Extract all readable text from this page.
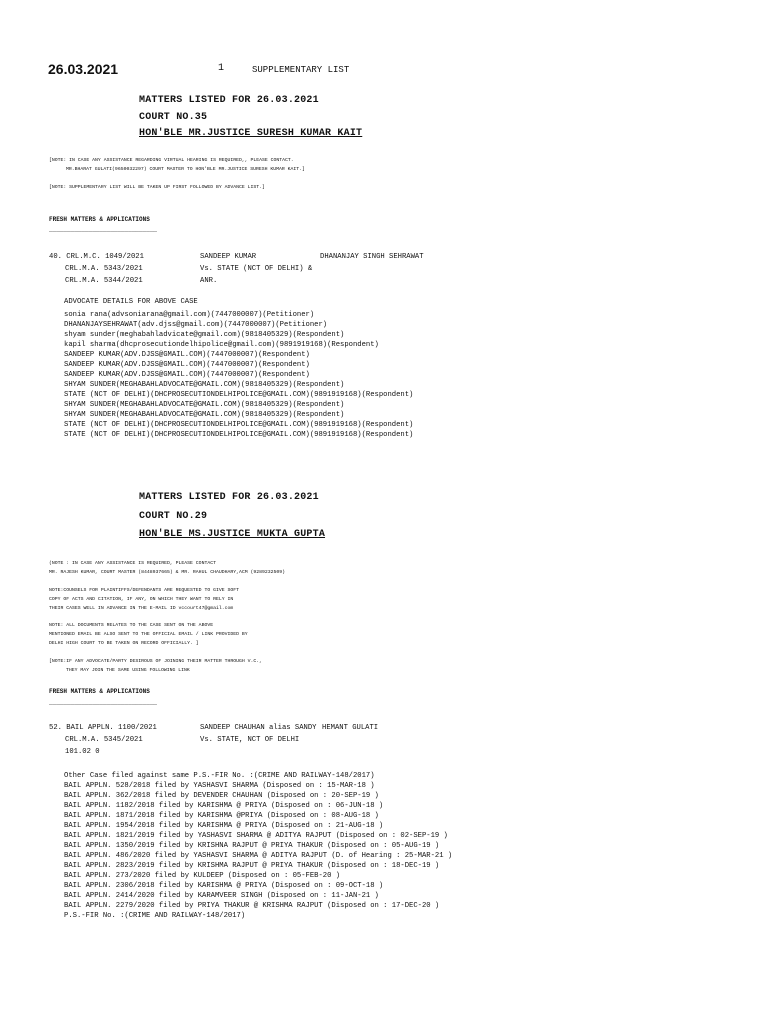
26.03.2021	1	SUPPLEMENTARY LIST
MATTERS LISTED FOR 26.03.2021
COURT NO.35
HON'BLE MR.JUSTICE SURESH KUMAR KAIT
[NOTE: IN CASE ANY ASSISTANCE REGARDING VIRTUAL HEARING IS REQUIRED,, PLEASE CONTACT.
MR.BHARAT GULATI(9650032297) COURT MASTER TO HON'BLE MR.JUSTICE SURESH KUMAR KAIT.]
[NOTE: SUPPLEMENTARY LIST WILL BE TAKEN UP FIRST FOLLOWED BY ADVANCE LIST.]
FRESH MATTERS & APPLICATIONS
______________________________
40. CRL.M.C. 1049/2021
CRL.M.A. 5343/2021
CRL.M.A. 5344/2021
SANDEEP KUMAR
Vs. STATE (NCT OF DELHI) &
ANR.
DHANANJAY SINGH SEHRAWAT
ADVOCATE DETAILS FOR ABOVE CASE
sonia rana(advsoniarana@gmail.com)(7447000007)(Petitioner)
DHANANJAYSEHRAWAT(adv.djss@gmail.com)(7447000007)(Petitioner)
shyam sunder(meghabahladvicate@gmail.com)(9818405329)(Respondent)
kapil sharma(dhcprosecutiondelhipolice@gmail.com)(9891919168)(Respondent)
SANDEEP KUMAR(ADV.DJSS@GMAIL.COM)(7447000007)(Respondent)
SANDEEP KUMAR(ADV.DJSS@GMAIL.COM)(7447000007)(Respondent)
SANDEEP KUMAR(ADV.DJSS@GMAIL.COM)(7447000007)(Respondent)
SHYAM SUNDER(MEGHABAHLADVOCATE@GMAIL.COM)(9818405329)(Respondent)
STATE (NCT OF DELHI)(DHCPROSECUTIONDELHIPOLICE@GMAIL.COM)(9891919168)(Respondent)
SHYAM SUNDER(MEGHABAHLADVOCATE@GMAIL.COM)(9818405329)(Respondent)
SHYAM SUNDER(MEGHABAHLADVOCATE@GMAIL.COM)(9818405329)(Respondent)
STATE (NCT OF DELHI)(DHCPROSECUTIONDELHIPOLICE@GMAIL.COM)(9891919168)(Respondent)
STATE (NCT OF DELHI)(DHCPROSECUTIONDELHIPOLICE@GMAIL.COM)(9891919168)(Respondent)
MATTERS LISTED FOR 26.03.2021
COURT NO.29
HON'BLE MS.JUSTICE MUKTA GUPTA
(NOTE : IN CASE ANY ASSISTANCE IS REQUIRED, PLEASE CONTACT
MR. RAJESH KUMAR, COURT MASTER (8448937665) & MR. RAHUL CHAUDHARY,ACM (9289232509)
NOTE:COUNSELS FOR PLAINTIFFS/DEFENDANTS ARE REQUESTED TO GIVE SOFT
COPY OF ACTS AND CITATION, IF ANY, ON WHICH THEY WANT TO RELY IN
THEIR CASES WELL IN ADVANCE IN THE E-MAIL ID vccourt47@gmail.com
NOTE: ALL DOCUMENTS RELATES TO THE CASE SENT ON THE ABOVE
MENTIONED EMAIL BE ALSO SENT TO THE OFFICIAL EMAIL / LINK PROVIDED BY
DELHI HIGH COURT TO BE TAKEN ON RECORD OFFICIALLY. ]
[NOTE:IF ANY ADVOCATE/PARTY DESIROUS OF JOINING THEIR MATTER THROUGH V.C.,
THEY MAY JOIN THE SAME USING FOLLOWING LINK
FRESH MATTERS & APPLICATIONS
______________________________
52. BAIL APPLN. 1100/2021
CRL.M.A. 5345/2021
101.02 0
SANDEEP CHAUHAN alias SANDY
Vs. STATE, NCT OF DELHI
HEMANT GULATI
Other Case filed against same P.S.-FIR No. :(CRIME AND RAILWAY-148/2017)
BAIL APPLN. 528/2018 filed by YASHASVI SHARMA (Disposed on : 15-MAR-18 )
BAIL APPLN. 362/2018 filed by DEVENDER CHAUHAN (Disposed on : 20-SEP-19 )
BAIL APPLN. 1182/2018 filed by KARISHMA @ PRIYA (Disposed on : 06-JUN-18 )
BAIL APPLN. 1871/2018 filed by KARISHMA @PRIYA (Disposed on : 08-AUG-18 )
BAIL APPLN. 1954/2018 filed by KARISHMA @ PRIYA (Disposed on : 21-AUG-18 )
BAIL APPLN. 1821/2019 filed by YASHASVI SHARMA @ ADITYA RAJPUT (Disposed on : 02-SEP-19 )
BAIL APPLN. 1350/2019 filed by KRISHNA RAJPUT @ PRIYA THAKUR (Disposed on : 05-AUG-19 )
BAIL APPLN. 486/2020 filed by YASHASVI SHARMA @ ADITYA RAJPUT (D. of Hearing : 25-MAR-21 )
BAIL APPLN. 2823/2019 filed by KRISHMA RAJPUT @ PRIYA THAKUR (Disposed on : 18-DEC-19 )
BAIL APPLN. 273/2020 filed by KULDEEP (Disposed on : 05-FEB-20 )
BAIL APPLN. 2306/2018 filed by KARISHMA @ PRIYA (Disposed on : 09-OCT-18 )
BAIL APPLN. 2414/2020 filed by KARAMVEER SINGH (Disposed on : 11-JAN-21 )
BAIL APPLN. 2279/2020 filed by PRIYA THAKUR @ KRISHMA RAJPUT (Disposed on : 17-DEC-20 )
P.S.-FIR No. :(CRIME AND RAILWAY-148/2017)
